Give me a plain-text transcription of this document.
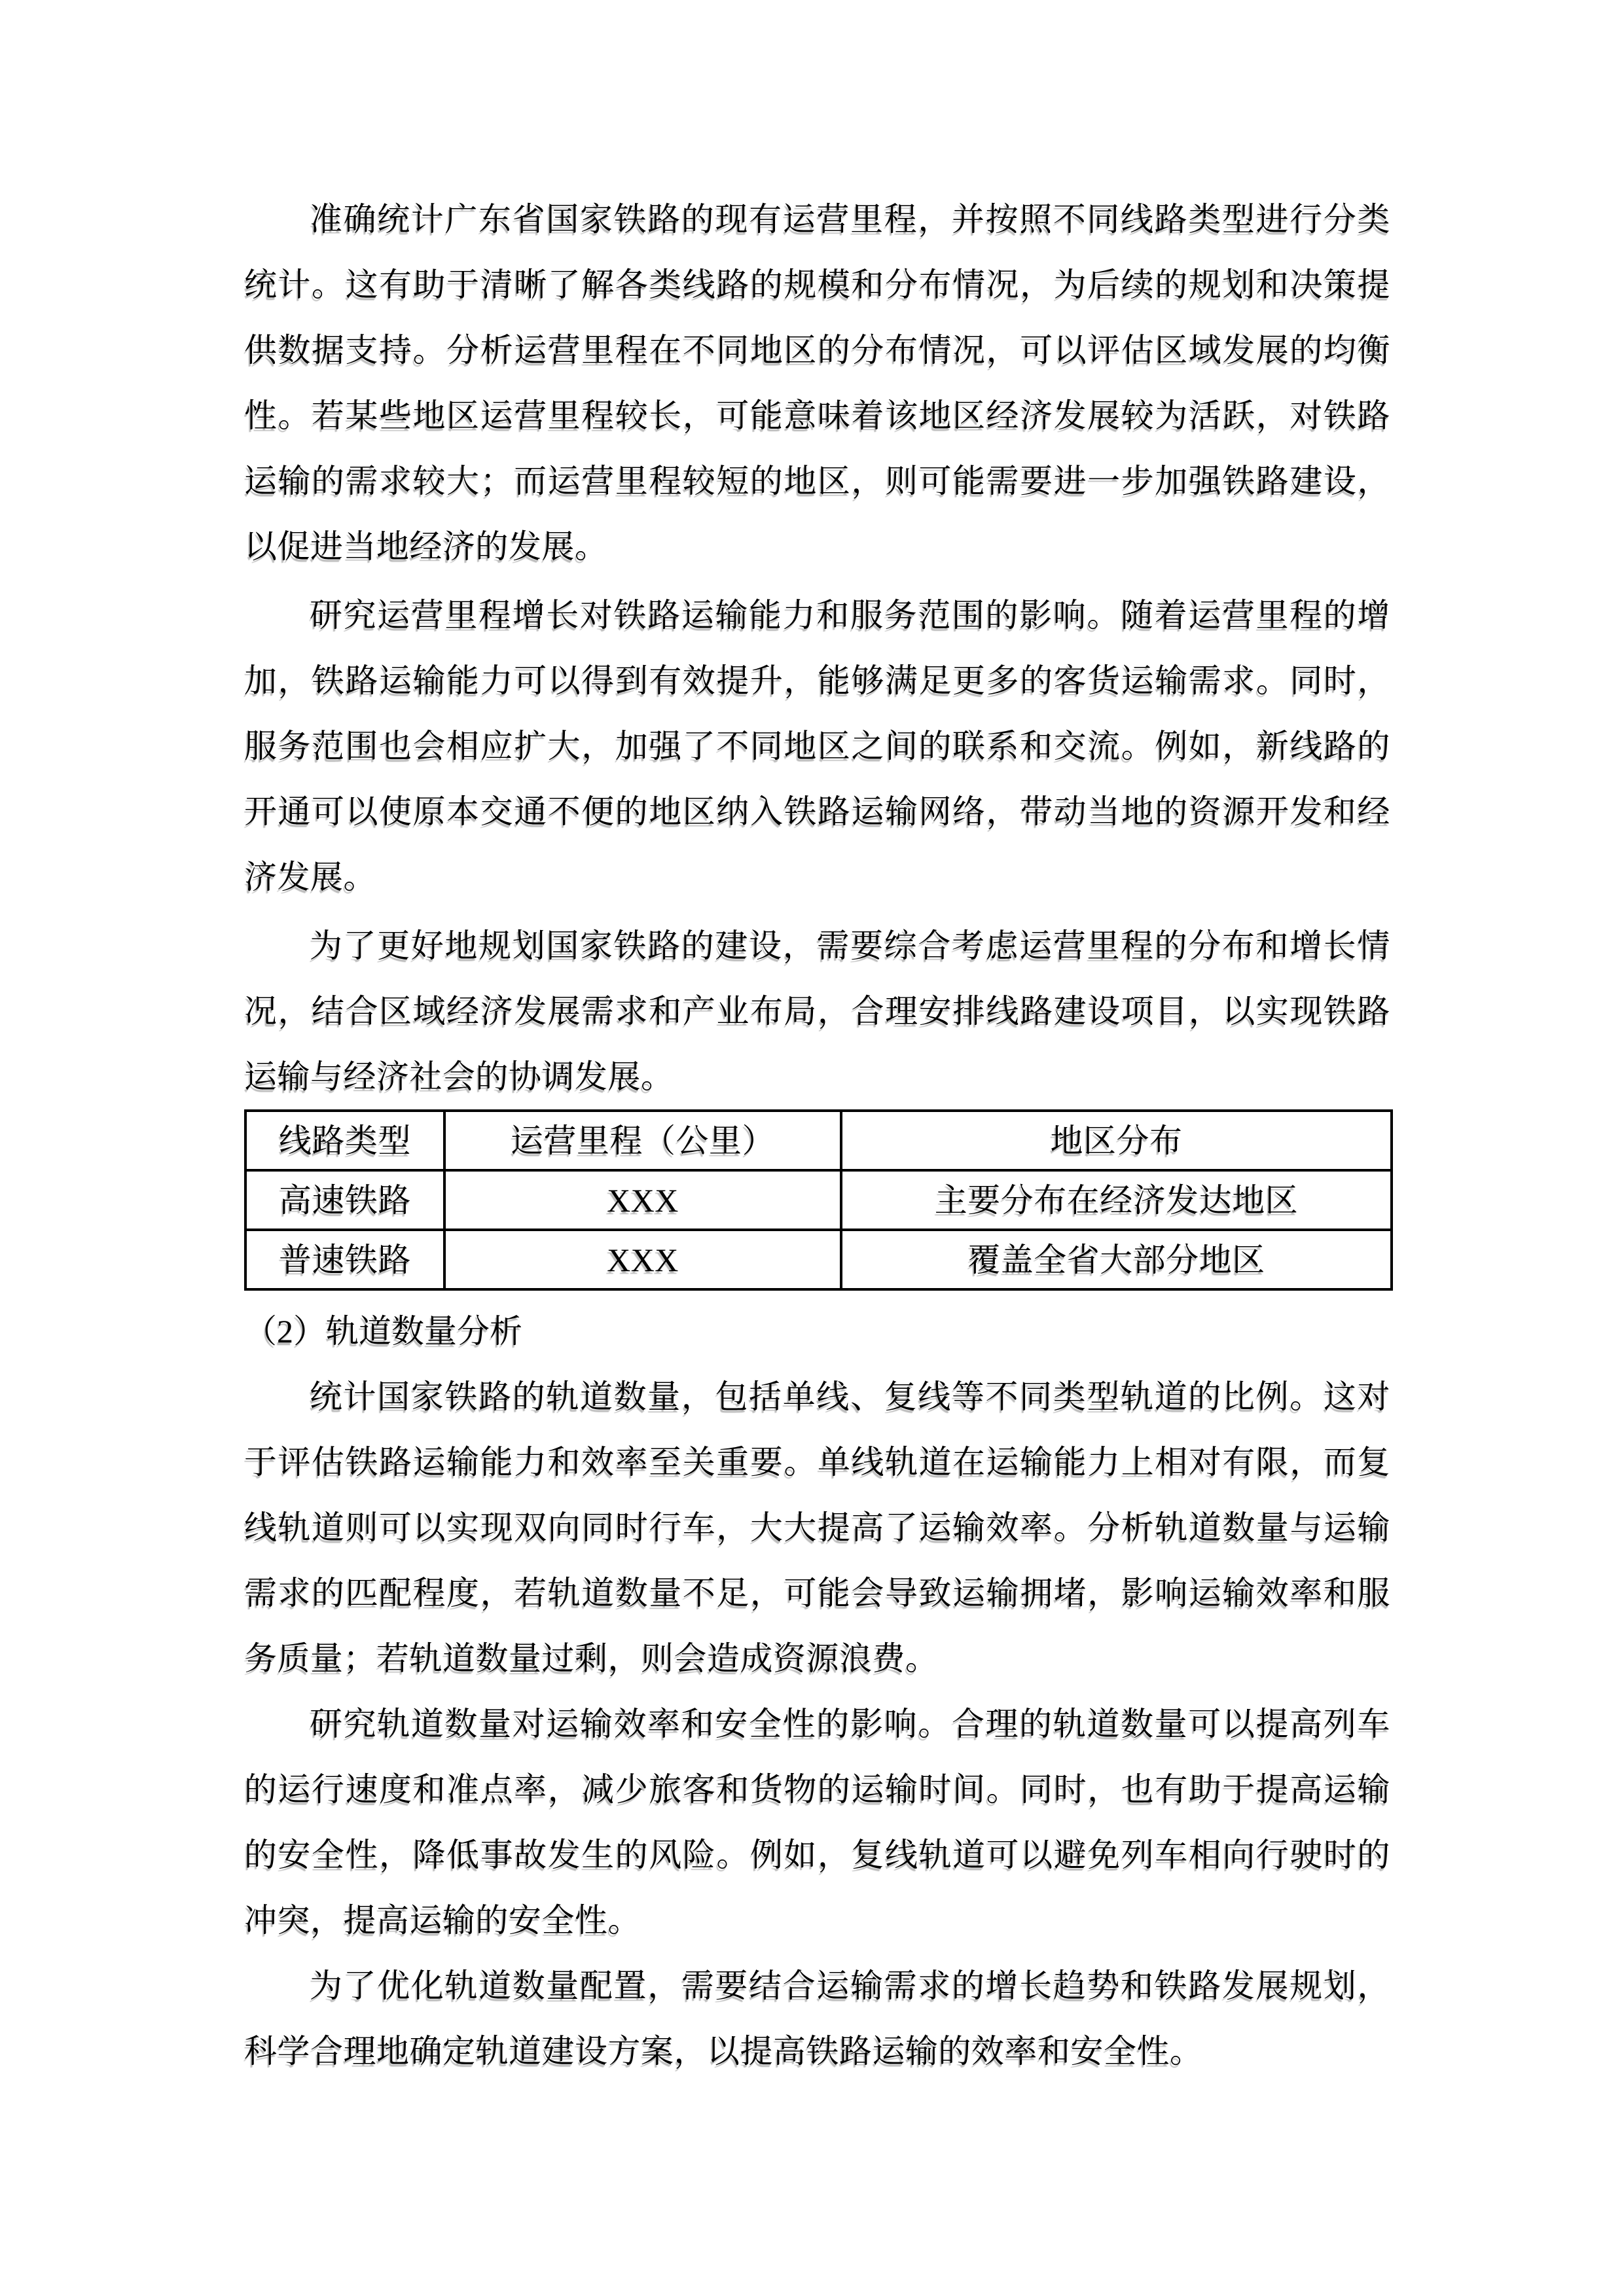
准确统计广东省国家铁路的现有运营里程，并按照不同线路类型进行分类统计。这有助于清晰了解各类线路的规模和分布情况，为后续的规划和决策提供数据支持。分析运营里程在不同地区的分布情况，可以评估区域发展的均衡性。若某些地区运营里程较长，可能意味着该地区经济发展较为活跃，对铁路运输的需求较大；而运营里程较短的地区，则可能需要进一步加强铁路建设，以促进当地经济的发展。

研究运营里程增长对铁路运输能力和服务范围的影响。随着运营里程的增加，铁路运输能力可以得到有效提升，能够满足更多的客货运输需求。同时，服务范围也会相应扩大，加强了不同地区之间的联系和交流。例如，新线路的开通可以使原本交通不便的地区纳入铁路运输网络，带动当地的资源开发和经济发展。

为了更好地规划国家铁路的建设，需要综合考虑运营里程的分布和增长情况，结合区域经济发展需求和产业布局，合理安排线路建设项目，以实现铁路运输与经济社会的协调发展。

线路类型	运营里程（公里）	地区分布
高速铁路	XXX	主要分布在经济发达地区
普速铁路	XXX	覆盖全省大部分地区

（2）轨道数量分析

统计国家铁路的轨道数量，包括单线、复线等不同类型轨道的比例。这对于评估铁路运输能力和效率至关重要。单线轨道在运输能力上相对有限，而复线轨道则可以实现双向同时行车，大大提高了运输效率。分析轨道数量与运输需求的匹配程度，若轨道数量不足，可能会导致运输拥堵，影响运输效率和服务质量；若轨道数量过剩，则会造成资源浪费。

研究轨道数量对运输效率和安全性的影响。合理的轨道数量可以提高列车的运行速度和准点率，减少旅客和货物的运输时间。同时，也有助于提高运输的安全性，降低事故发生的风险。例如，复线轨道可以避免列车相向行驶时的冲突，提高运输的安全性。

为了优化轨道数量配置，需要结合运输需求的增长趋势和铁路发展规划，科学合理地确定轨道建设方案，以提高铁路运输的效率和安全性。
